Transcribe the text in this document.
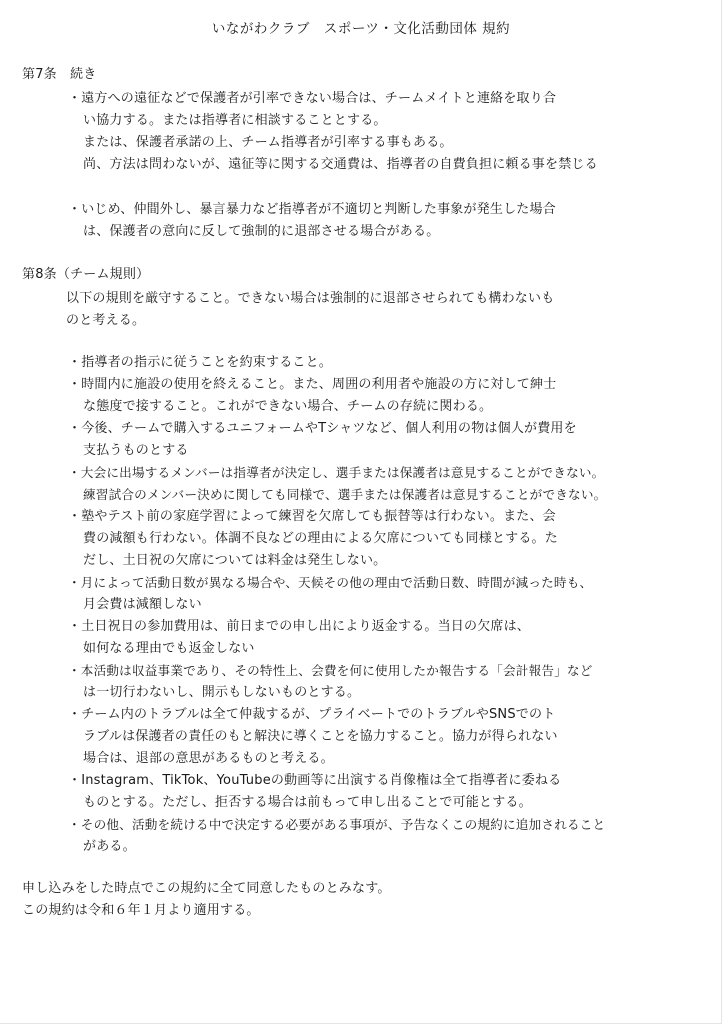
いながわクラブ　スポーツ・文化活動団体 規約
第7条　続き
・遠方への遠征などで保護者が引率できない場合は、チームメイトと連絡を取り合
い協力する。または指導者に相談することとする。
または、保護者承諾の上、チーム指導者が引率する事もある。
尚、方法は問わないが、遠征等に関する交通費は、指導者の自費負担に頼る事を禁じる
・いじめ、仲間外し、暴言暴力など指導者が不適切と判断した事象が発生した場合
は、保護者の意向に反して強制的に退部させる場合がある。
第8条（チーム規則）
以下の規則を厳守すること。できない場合は強制的に退部させられても構わないも
のと考える。
・指導者の指示に従うことを約束すること。
・時間内に施設の使用を終えること。また、周囲の利用者や施設の方に対して紳士
な態度で接すること。これができない場合、チームの存続に関わる。
・今後、チームで購入するユニフォームやTシャツなど、個人利用の物は個人が費用を
支払うものとする
・大会に出場するメンバーは指導者が決定し、選手または保護者は意見することができない。
練習試合のメンバー決めに関しても同様で、選手または保護者は意見することができない。
・塾やテスト前の家庭学習によって練習を欠席しても振替等は行わない。また、会
費の減額も行わない。体調不良などの理由による欠席についても同様とする。た
だし、土日祝の欠席については料金は発生しない。
・月によって活動日数が異なる場合や、天候その他の理由で活動日数、時間が減った時も、
月会費は減額しない
・土日祝日の参加費用は、前日までの申し出により返金する。当日の欠席は、
如何なる理由でも返金しない
・本活動は収益事業であり、その特性上、会費を何に使用したか報告する「会計報告」など
は一切行わないし、開示もしないものとする。
・チーム内のトラブルは全て仲裁するが、プライベートでのトラブルやSNSでのト
ラブルは保護者の責任のもと解決に導くことを協力すること。協力が得られない
場合は、退部の意思があるものと考える。
・Instagram、TikTok、YouTubeの動画等に出演する肖像権は全て指導者に委ねる
ものとする。ただし、拒否する場合は前もって申し出ることで可能とする。
・その他、活動を続ける中で決定する必要がある事項が、予告なくこの規約に追加されること
がある。
申し込みをした時点でこの規約に全て同意したものとみなす。
この規約は令和６年１月より適用する。
